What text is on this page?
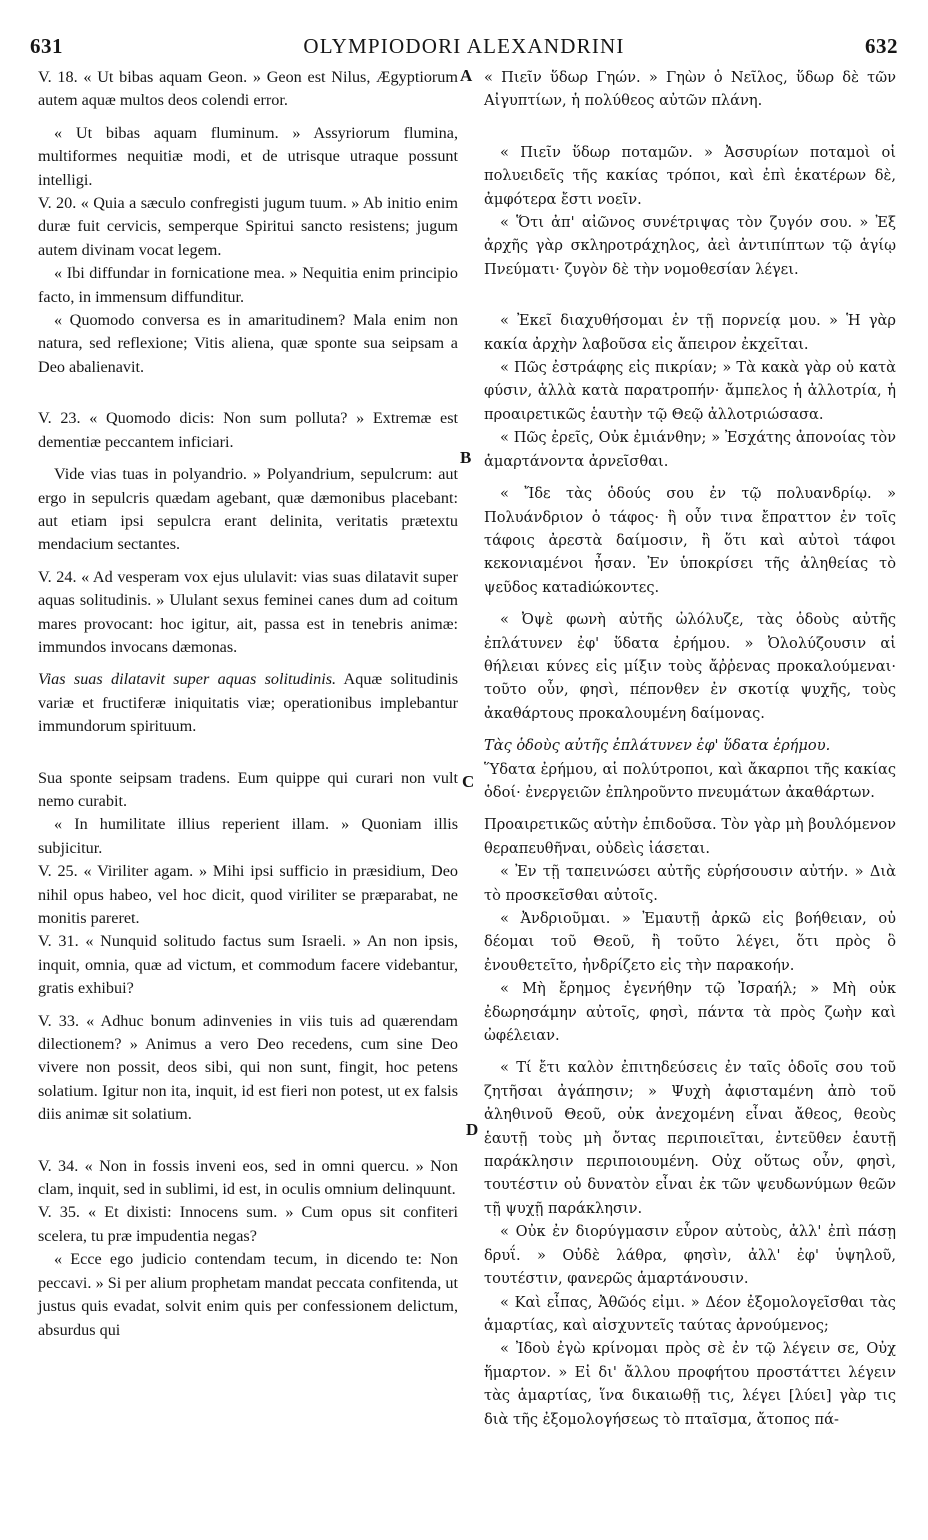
631	OLYMPIODORI ALEXANDRINI	632
A
B
C
D

V. 18. « Ut bibas aquam Geon. » Geon est Nilus, Ægyptiorum autem aquæ multos deos colendi error.

« Ut bibas aquam fluminum. » Assyriorum flumina, multiformes nequitiæ modi, et de utrisque utraque possunt intelligi.

V. 20. « Quia a sæculo confregisti jugum tuum. » Ab initio enim duræ fuit cervicis, semperque Spiritui sancto resistens; jugum autem divinam vocat legem.

« Ibi diffundar in fornicatione mea. » Nequitia enim principio facto, in immensum diffunditur.

« Quomodo conversa es in amaritudinem? Mala enim non natura, sed reflexione; Vitis aliena, quæ sponte sua seipsam a Deo abalienavit.

V. 23. « Quomodo dicis: Non sum polluta? » Extremæ est dementiæ peccantem inficiari.

Vide vias tuas in polyandrio. » Polyandrium, sepulcrum: aut ergo in sepulcris quædam agebant, quæ dæmonibus placebant: aut etiam ipsi sepulcra erant delinita, veritatis prætextu mendacium sectantes.

V. 24. « Ad vesperam vox ejus ululavit: vias suas dilatavit super aquas solitudinis. » Ululant sexus feminei canes dum ad coitum mares provocant: hoc igitur, ait, passa est in tenebris animæ: immundos invocans dæmonas.

Vias suas dilatavit super aquas solitudinis. Aquæ solitudinis variæ et fructiferæ iniquitatis viæ; operationibus implebantur immundorum spirituum.

Sua sponte seipsam tradens. Eum quippe qui curari non vult nemo curabit.

« In humilitate illius reperient illam. » Quoniam illis subjicitur.

V. 25. « Viriliter agam. » Mihi ipsi sufficio in præsidium, Deo nihil opus habeo, vel hoc dicit, quod viriliter se præparabat, ne monitis pareret.

V. 31. « Nunquid solitudo factus sum Israeli. » An non ipsis, inquit, omnia, quæ ad victum, et commodum facere videbantur, gratis exhibui?

V. 33. « Adhuc bonum adinvenies in viis tuis ad quærendam dilectionem? » Animus a vero Deo recedens, cum sine Deo vivere non possit, deos sibi, qui non sunt, fingit, hoc petens solatium. Igitur non ita, inquit, id est fieri non potest, ut ex falsis diis animæ sit solatium.

V. 34. « Non in fossis inveni eos, sed in omni quercu. » Non clam, inquit, sed in sublimi, id est, in oculis omnium delinquunt.

V. 35. « Et dixisti: Innocens sum. » Cum opus sit confiteri scelera, tu præ impudentia negas?

« Ecce ego judicio contendam tecum, in dicendo te: Non peccavi. » Si per alium prophetam mandat peccata confitenda, ut justus quis evadat, solvit enim quis per confessionem delictum, absurdus qui

« Πιεῖν ὕδωρ Γηών. » Γηὼν ὁ Νεῖλος, ὕδωρ δὲ τῶν Αἰγυπτίων, ἡ πολύθεος αὐτῶν πλάνη.

« Πιεῖν ὕδωρ ποταμῶν. » Ἀσσυρίων ποταμοὶ οἱ πολυειδεῖς τῆς κακίας τρόποι, καὶ ἐπὶ ἑκατέρων δὲ, ἀμφότερα ἔστι νοεῖν.

« Ὅτι ἀπ' αἰῶνος συνέτριψας τὸν ζυγόν σου. » Ἐξ ἀρχῆς γὰρ σκληροτράχηλος, ἀεὶ ἀντιπίπτων τῷ ἁγίῳ Πνεύματι· ζυγὸν δὲ τὴν νομοθεσίαν λέγει.

« Ἐκεῖ διαχυθήσομαι ἐν τῇ πορνείᾳ μου. » Ἡ γὰρ κακία ἀρχὴν λαβοῦσα εἰς ἄπειρον ἐκχεῖται.

« Πῶς ἐστράφης εἰς πικρίαν; » Τὰ κακὰ γὰρ οὐ κατὰ φύσιν, ἀλλὰ κατὰ παρατροπήν· ἄμπελος ἡ ἀλλοτρία, ἡ προαιρετικῶς ἑαυτὴν τῷ Θεῷ ἀλλοτριώσασα.

« Πῶς ἐρεῖς, Οὐκ ἐμιάνθην; » Ἐσχάτης ἀπονοίας τὸν ἁμαρτάνοντα ἀρνεῖσθαι.

« Ἴδε τὰς ὁδούς σου ἐν τῷ πολυανδρίῳ. » Πολυάνδριον ὁ τάφος· ἢ οὖν τινα ἔπραττον ἐν τοῖς τάφοις ἀρεστὰ δαίμοσιν, ἢ ὅτι καὶ αὐτοὶ τάφοι κεκονιαμένοι ἦσαν. Ἐν ὑποκρίσει τῆς ἀληθείας τὸ ψεῦδος κατadiώκοντες.

« Ὀψὲ φωνὴ αὐτῆς ὠλόλυζε, τὰς ὁδοὺς αὐτῆς ἐπλάτυνεν ἐφ' ὕδατα ἐρήμου. » Ὀλολύζουσιν αἱ θήλειαι κύνες εἰς μίξιν τοὺς ἄῤῥενας προκαλούμεναι· τοῦτο οὖν, φησὶ, πέπονθεν ἐν σκοτίᾳ ψυχῆς, τοὺς ἀκαθάρτους προκαλουμένη δαίμονας.

Τὰς ὁδοὺς αὐτῆς ἐπλάτυνεν ἐφ' ὕδατα ἐρήμου.

Ὕδατα ἐρήμου, αἱ πολύτροποι, καὶ ἄκαρποι τῆς κακίας ὁδοί· ἐνεργειῶν ἐπληροῦντο πνευμάτων ἀκαθάρτων.

Προαιρετικῶς αὑτὴν ἐπιδοῦσα. Τὸν γὰρ μὴ βουλόμενον θεραπευθῆναι, οὐδεὶς ἰάσεται.

« Ἐν τῇ ταπεινώσει αὐτῆς εὑρήσουσιν αὐτήν. » Διὰ τὸ προσκεῖσθαι αὐτοῖς.

« Ἀνδριοῦμαι. » Ἐμαυτῇ ἀρκῶ εἰς βοήθειαν, οὐ δέομαι τοῦ Θεοῦ, ἢ τοῦτο λέγει, ὅτι πρὸς ὃ ἐνουθετεῖτο, ἠνδρίζετο εἰς τὴν παρακοήν.

« Μὴ ἔρημος ἐγενήθην τῷ Ἰσραήλ; » Μὴ οὐκ ἐδωρησάμην αὐτοῖς, φησὶ, πάντα τὰ πρὸς ζωὴν καὶ ὠφέλειαν.

« Τί ἔτι καλὸν ἐπιτηδεύσεις ἐν ταῖς ὁδοῖς σου τοῦ ζητῆσαι ἀγάπησιν; » Ψυχὴ ἀφισταμένη ἀπὸ τοῦ ἀληθινοῦ Θεοῦ, οὐκ ἀνεχομένη εἶναι ἄθεος, θεοὺς ἑαυτῇ τοὺς μὴ ὄντας περιποιεῖται, ἐντεῦθεν ἑαυτῇ παράκλησιν περιποιουμένη. Οὐχ οὕτως οὖν, φησὶ, τουτέστιν οὐ δυνατὸν εἶναι ἐκ τῶν ψευδωνύμων θεῶν τῇ ψυχῇ παράκλησιν.

« Οὐκ ἐν διορύγμασιν εὗρον αὐτοὺς, ἀλλ' ἐπὶ πάσῃ δρυΐ. » Οὐδὲ λάθρα, φησὶν, ἀλλ' ἐφ' ὑψηλοῦ, τουτέστιν, φανερῶς ἁμαρτάνουσιν.

« Καὶ εἶπας, Ἀθῶός εἰμι. » Δέον ἐξομολογεῖσθαι τὰς ἁμαρτίας, καὶ αἰσχυντεῖς ταύτας ἀρνούμενος;

« Ἰδοὺ ἐγὼ κρίνομαι πρὸς σὲ ἐν τῷ λέγειν σε, Οὐχ ἥμαρτον. » Εἰ δι' ἄλλου προφήτου προστάττει λέγειν τὰς ἁμαρτίας, ἵνα δικαιωθῇ τις, λέγει [λύει] γὰρ τις διὰ τῆς ἐξομολογήσεως τὸ πταῖσμα, ἄτοπος πά-
